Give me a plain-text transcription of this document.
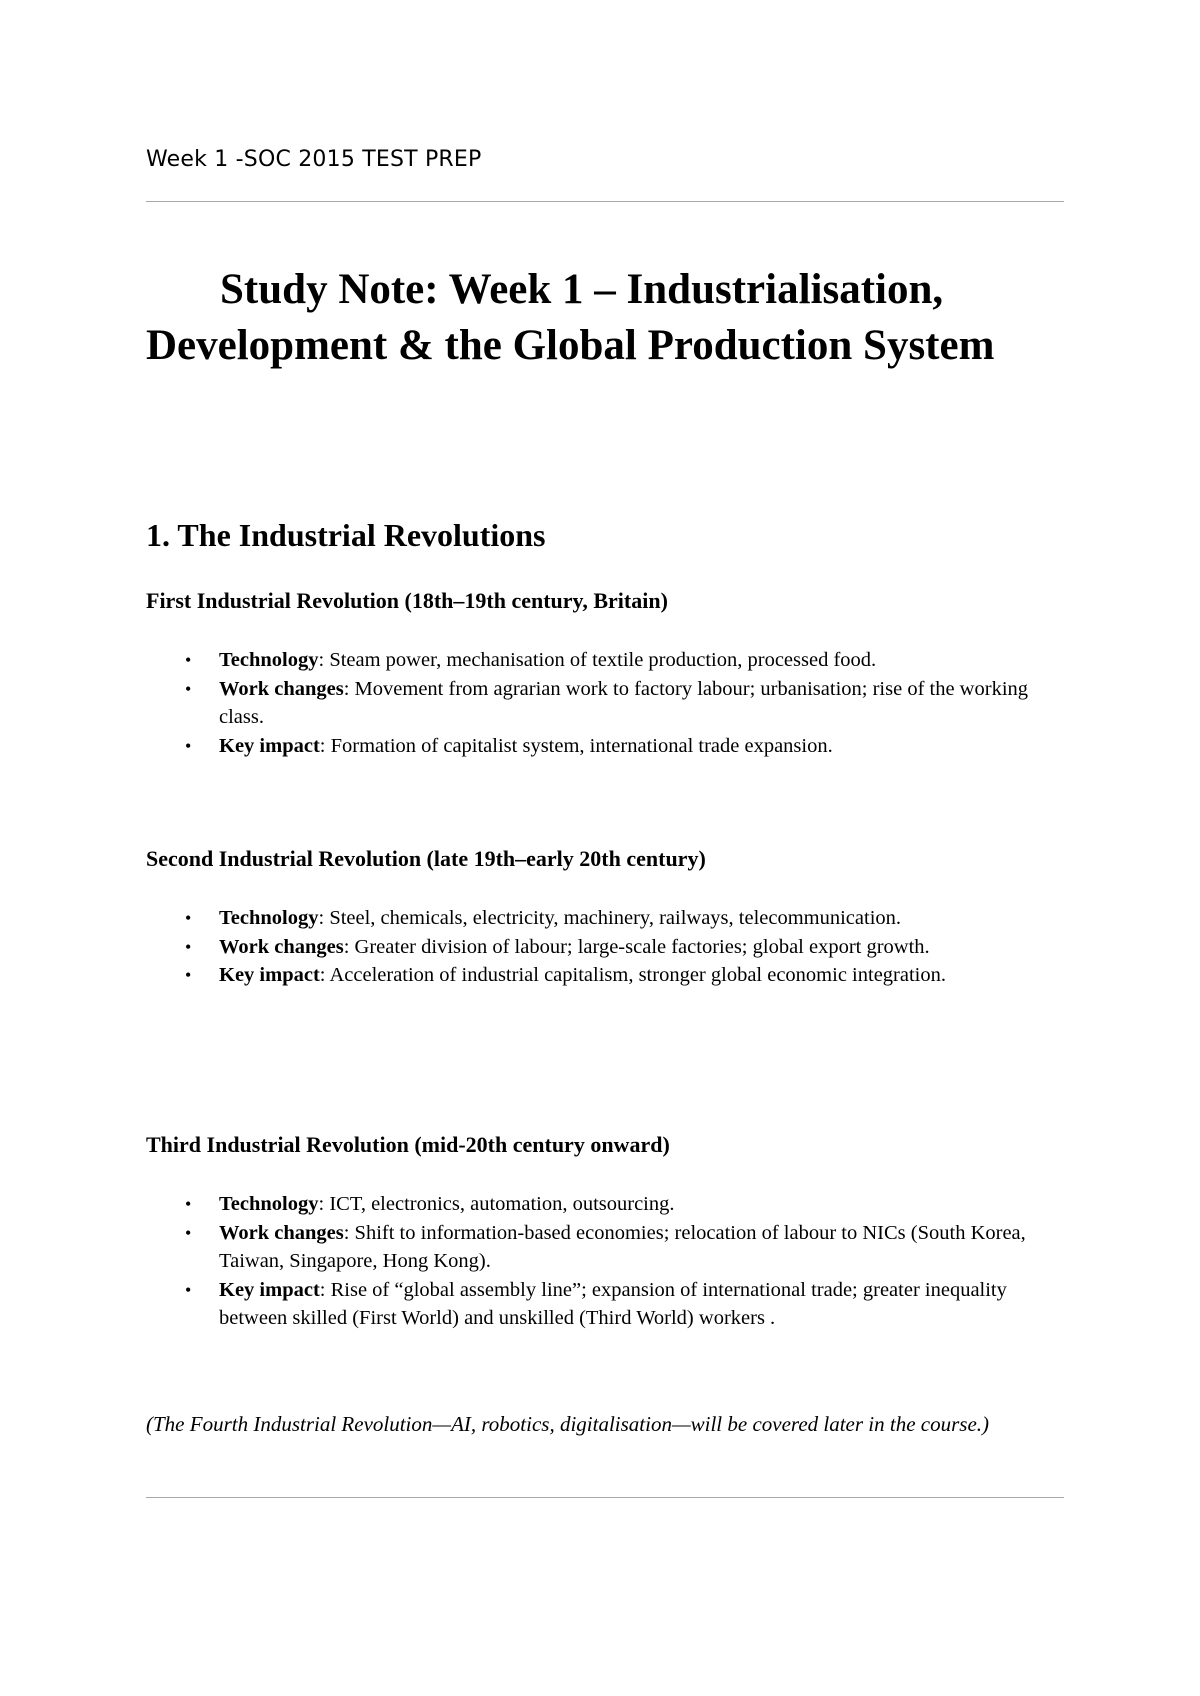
Week 1 -SOC 2015 TEST PREP
Study Note: Week 1 – Industrialisation, Development & the Global Production System
1. The Industrial Revolutions
First Industrial Revolution (18th–19th century, Britain)
• Technology: Steam power, mechanisation of textile production, processed food.
• Work changes: Movement from agrarian work to factory labour; urbanisation; rise of the working class.
• Key impact: Formation of capitalist system, international trade expansion.
Second Industrial Revolution (late 19th–early 20th century)
• Technology: Steel, chemicals, electricity, machinery, railways, telecommunication.
• Work changes: Greater division of labour; large-scale factories; global export growth.
• Key impact: Acceleration of industrial capitalism, stronger global economic integration.
Third Industrial Revolution (mid-20th century onward)
• Technology: ICT, electronics, automation, outsourcing.
• Work changes: Shift to information-based economies; relocation of labour to NICs (South Korea, Taiwan, Singapore, Hong Kong).
• Key impact: Rise of “global assembly line”; expansion of international trade; greater inequality between skilled (First World) and unskilled (Third World) workers .

(The Fourth Industrial Revolution—AI, robotics, digitalisation—will be covered later in the course.)
